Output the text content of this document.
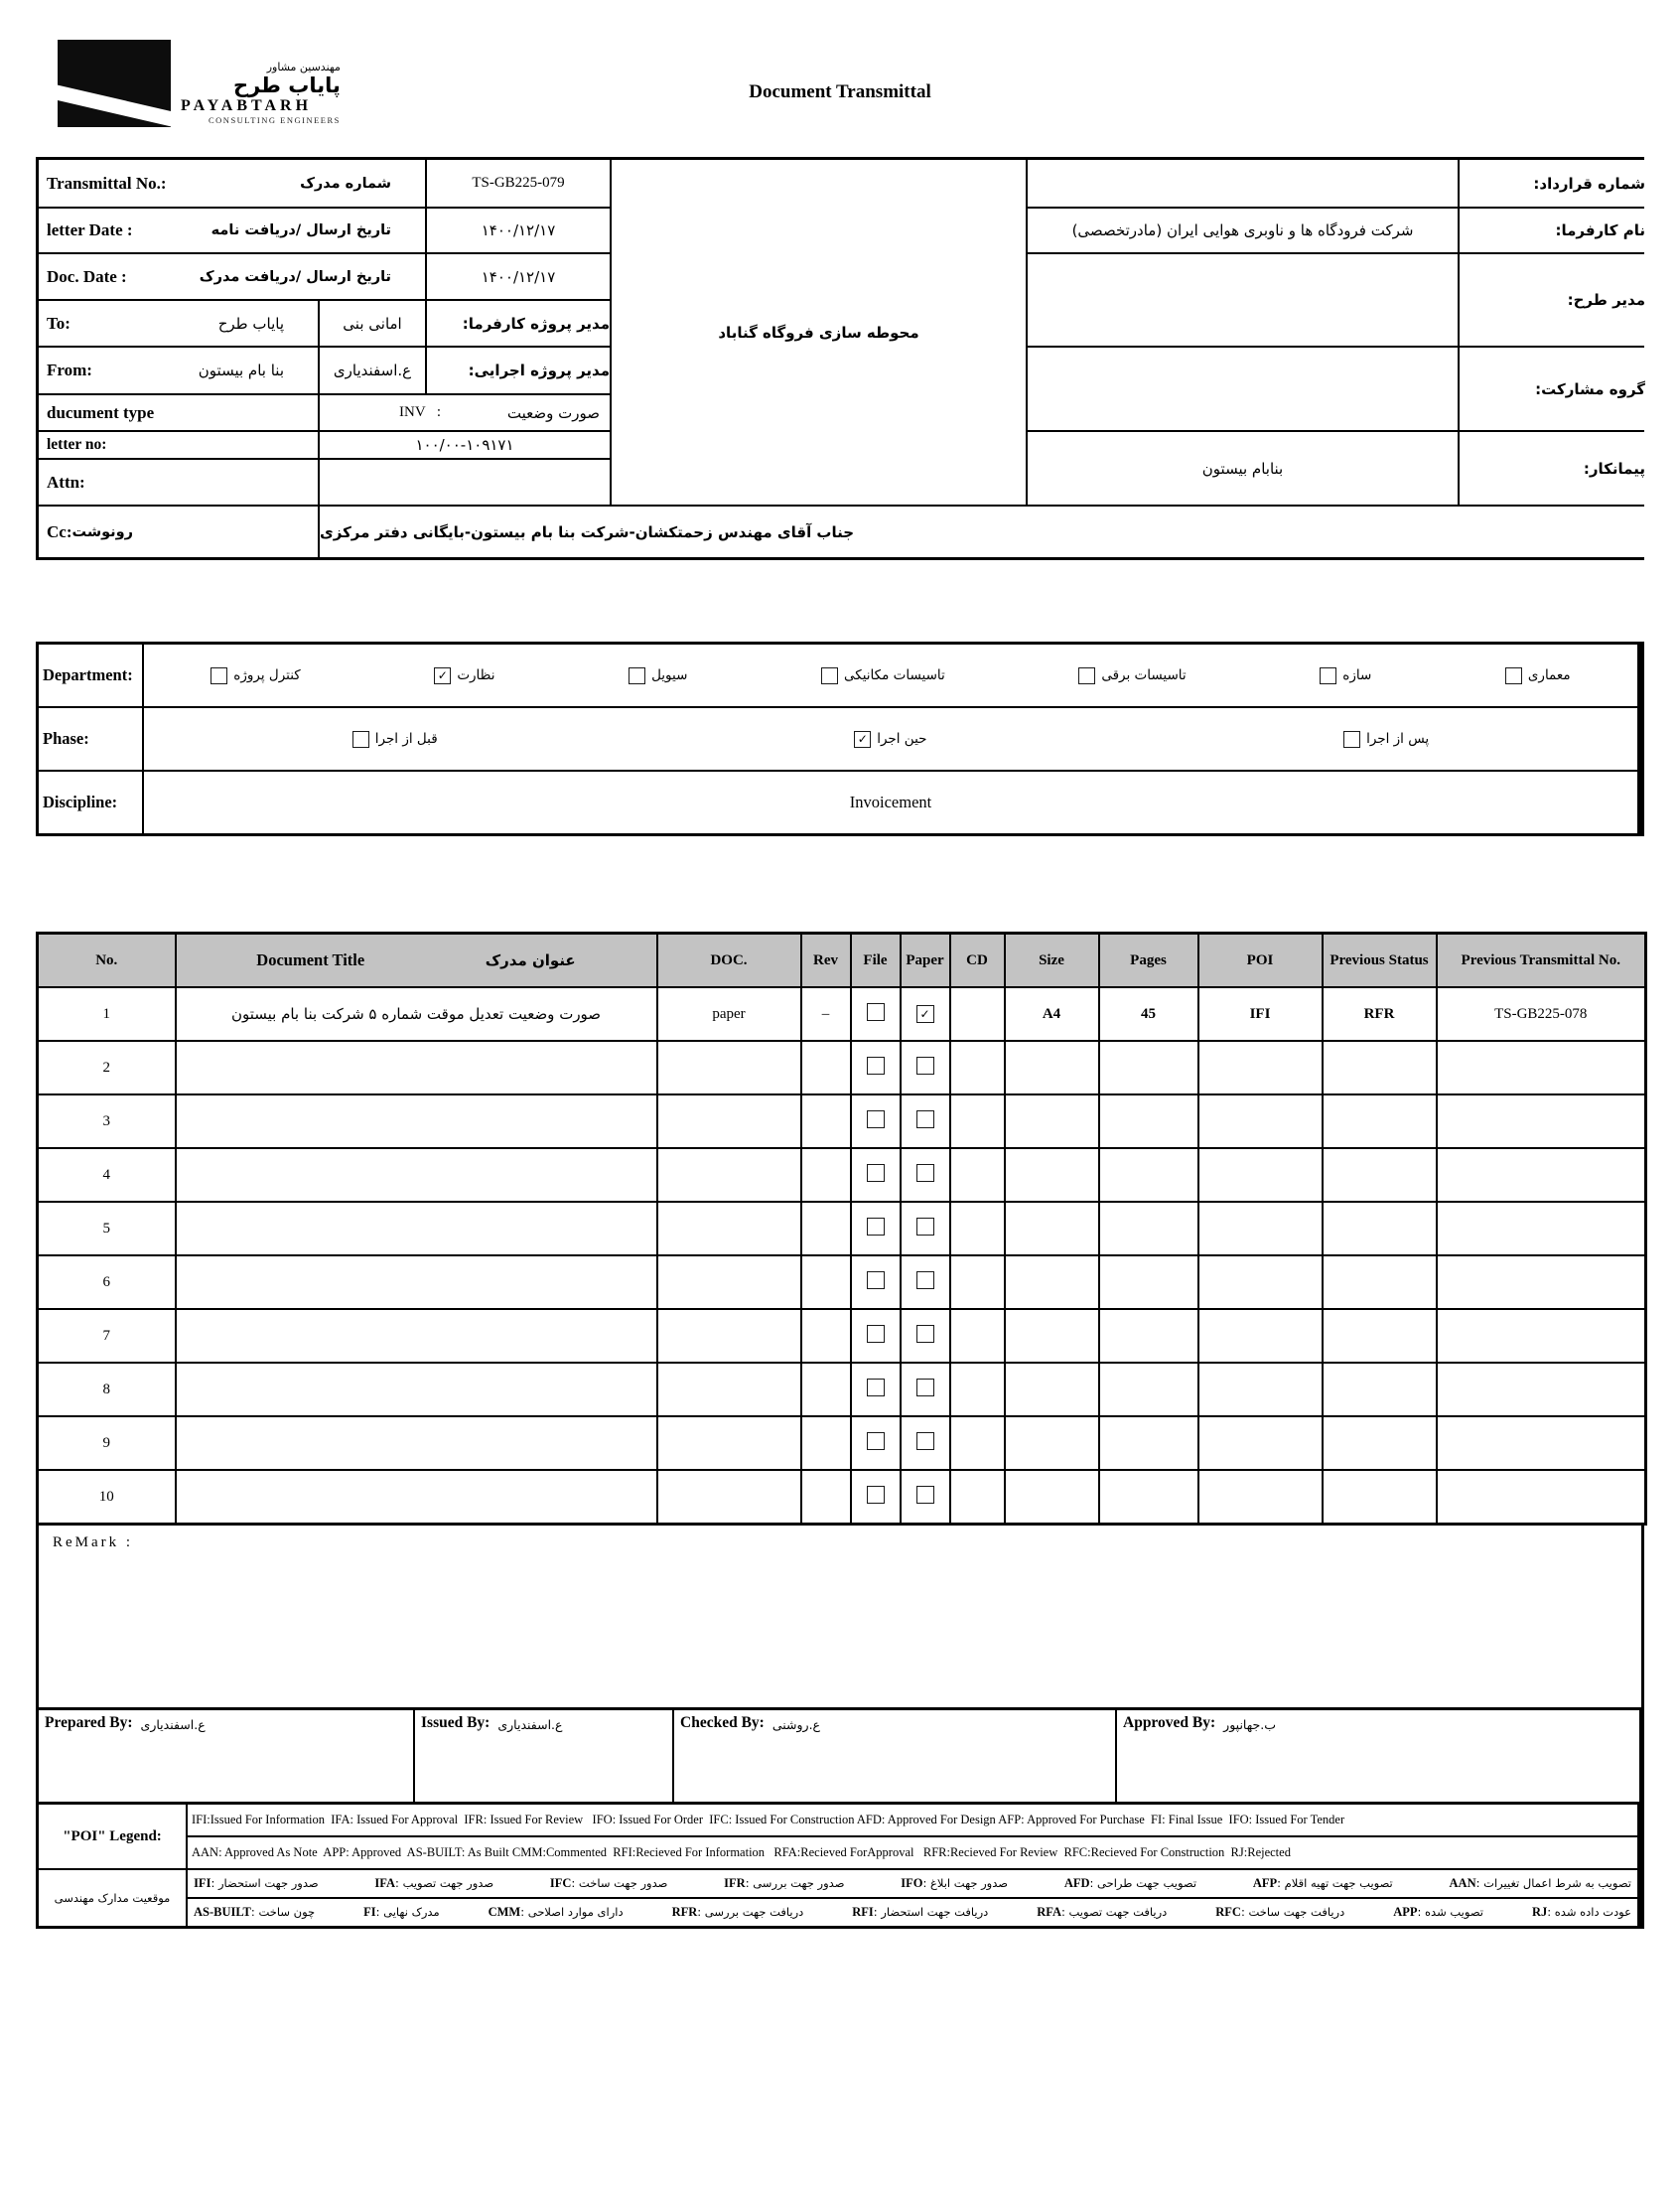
مهندسین مشاور
پایاب طرح
PAYABTARH
CONSULTING ENGINEERS
Document Transmittal
Transmittal No.:	شماره مدرک	TS-GB225-079
محوطه سازی فروگاه گناباد
شماره قرارداد:
letter Date :	تاریخ ارسال /دریافت نامه	۱۴۰۰/۱۲/۱۷	شرکت فرودگاه ها و ناوبری هوایی ایران (مادرتخصصی)	نام کارفرما:
Doc. Date :	تاریخ ارسال /دریافت مدرک	۱۴۰۰/۱۲/۱۷
مدیر طرح:
To:	پایاب طرح	امانی بنی	مدیر پروژه کارفرما:
From:	بنا بام بیستون	ع.اسفندیاری	مدیر پروژه اجرایی:
گروه مشارکت:
ducument type	INV :	صورت وضعیت
letter no:	۱۰۰/۰۰-۱۰۹۱۷۱
بنابام بیستون	پیمانکار:
Attn:
Cc: رونوشت	جناب آقای مهندس زحمتکشان-شرکت بنا بام بیستون-بایگانی دفتر مرکزی
Department:	معماری
سازه
تاسیسات برقی
تاسیسات مکانیکی
سیویل
✓ نظارت
کنترل پروژه
Phase:	پس از اجرا
✓ حین اجرا
قبل از اجرا
Discipline:	Invoicement
No.	Document Title عنوان مدرک	DOC.	Rev	File	Paper	CD	Size	Pages	POI	Previous Status	Previous Transmittal No.
1	صورت وضعیت تعدیل موقت شماره ۵ شرکت بنا بام بیستون	paper	–		✓		A4	45	IFI	RFR	TS-GB225-078
2											
3											
4											
5											
6											
7											
8											
9											
10											
ReMark :
Prepared By: ع.اسفندیاری	Issued By: ع.اسفندیاری	Checked By: ع.روشنی	Approved By: ب.جهانپور
"POI" Legend:
IFI:Issued For Information  IFA: Issued For Approval  IFR: Issued For Review   IFO: Issued For Order  IFC: Issued For Construction AFD: Approved For Design AFP: Approved For Purchase  FI: Final Issue  IFO: Issued For Tender
AAN: Approved As Note  APP: Approved  AS-BUILT: As Built CMM:Commented  RFI:Recieved For Information   RFA:Recieved ForApproval   RFR:Recieved For Review  RFC:Recieved For Construction  RJ:Rejected
موقعیت مدارک مهندسی
AAN: تصویب به شرط اعمال تغییرات
AFP: تصویب جهت تهیه اقلام
AFD: تصویب جهت طراحی
IFO: صدور جهت ابلاغ
IFR: صدور جهت بررسی
IFC: صدور جهت ساخت
IFA: صدور جهت تصویب
IFI: صدور جهت استحضار
RJ: عودت داده شده
APP: تصویب شده
RFC: دریافت جهت ساخت
RFA: دریافت جهت تصویب
RFI: دریافت جهت استحضار
RFR: دریافت جهت بررسی
CMM: دارای موارد اصلاحی
FI: مدرک نهایی
AS-BUILT: چون ساخت
